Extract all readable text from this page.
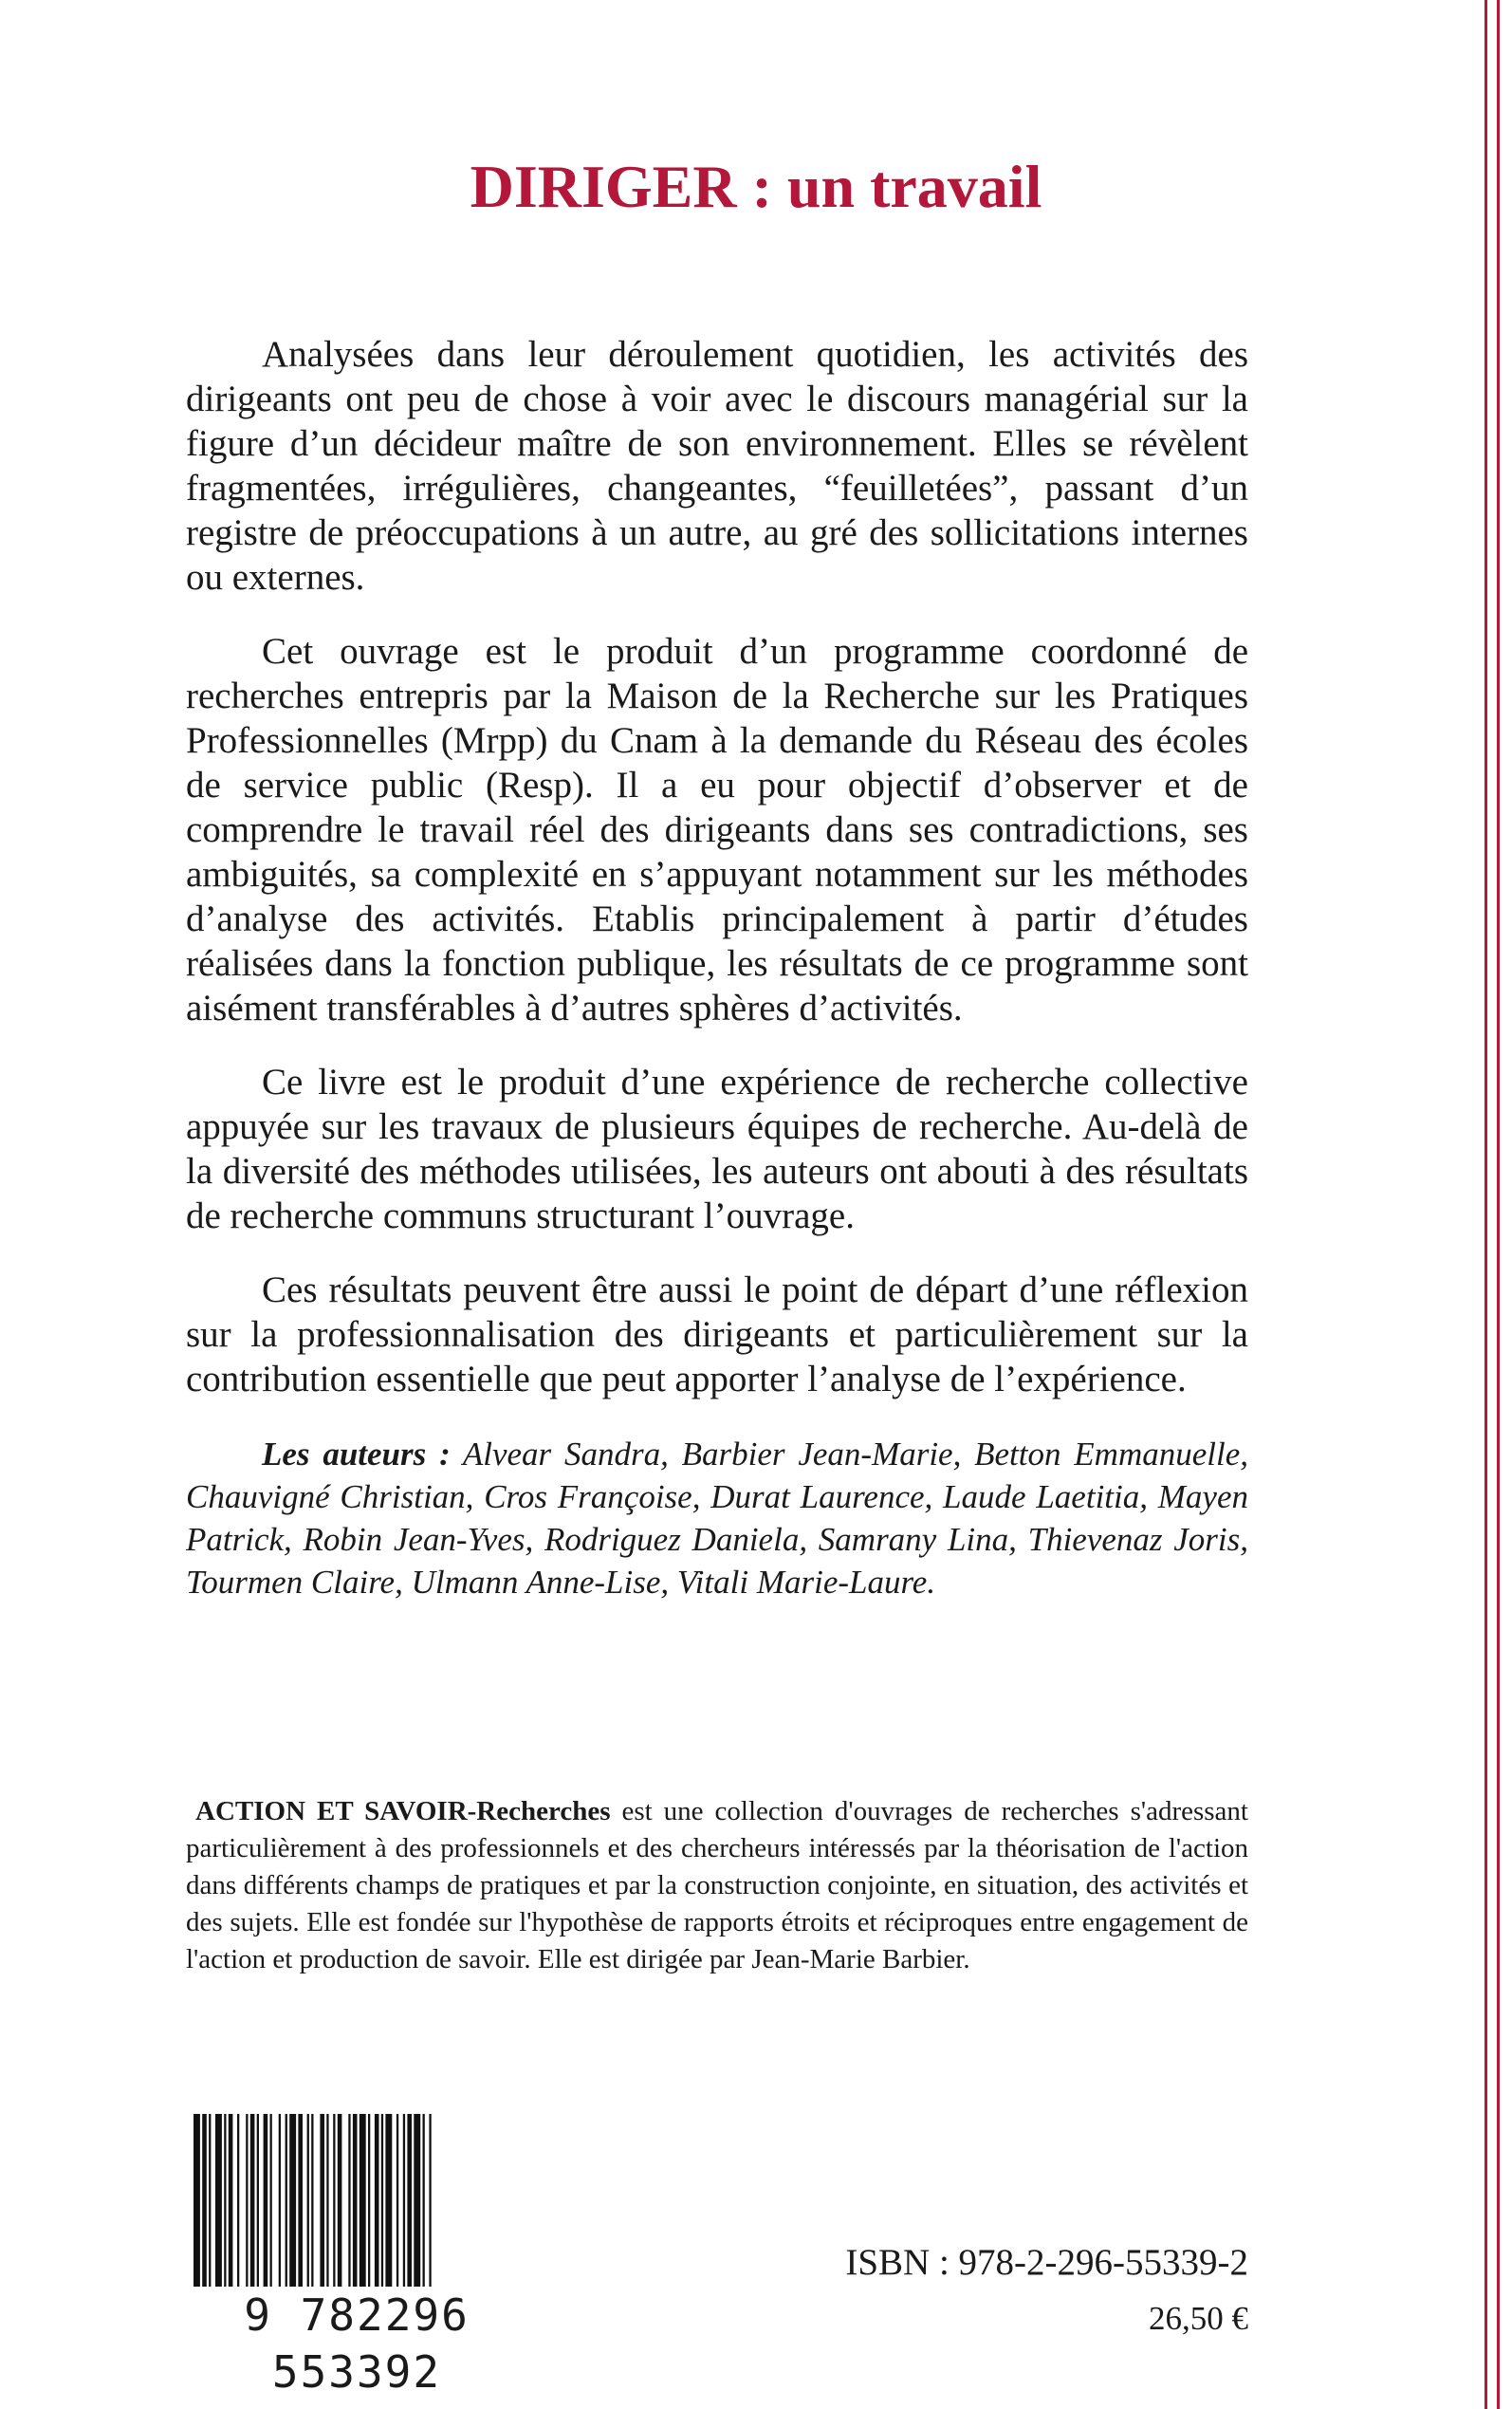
DIRIGER : un travail

Analysées dans leur déroulement quotidien, les activités des dirigeants ont peu de chose à voir avec le discours managérial sur la figure d’un décideur maître de son environnement. Elles se révèlent fragmentées, irrégulières, changeantes, “feuilletées”, passant d’un registre de préoccupations à un autre, au gré des sollicitations internes ou externes.

Cet ouvrage est le produit d’un programme coordonné de recherches entrepris par la Maison de la Recherche sur les Pratiques Professionnelles (Mrpp) du Cnam à la demande du Réseau des écoles de service public (Resp). Il a eu pour objectif d’observer et de comprendre le travail réel des dirigeants dans ses contradictions, ses ambiguités, sa complexité en s’appuyant notamment sur les méthodes d’analyse des activités. Etablis principalement à partir d’études réalisées dans la fonction publique, les résultats de ce programme sont aisément transférables à d’autres sphères d’activités.

Ce livre est le produit d’une expérience de recherche collective appuyée sur les travaux de plusieurs équipes de recherche. Au-delà de la diversité des méthodes utilisées, les auteurs ont abouti à des résultats de recherche communs structurant l’ouvrage.

Ces résultats peuvent être aussi le point de départ d’une réflexion sur la professionnalisation des dirigeants et particulièrement sur la contribution essentielle que peut apporter l’analyse de l’expérience.

Les auteurs : Alvear Sandra, Barbier Jean-Marie, Betton Emmanuelle, Chauvigné Christian, Cros Françoise, Durat Laurence, Laude Laetitia, Mayen Patrick, Robin Jean-Yves, Rodriguez Daniela, Samrany Lina, Thievenaz Joris, Tourmen Claire, Ulmann Anne-Lise, Vitali Marie-Laure.
ACTION ET SAVOIR-Recherches est une collection d'ouvrages de recherches s'adressant particulièrement à des professionnels et des chercheurs intéressés par la théorisation de l'action dans différents champs de pratiques et par la construction conjointe, en situation, des activités et des sujets. Elle est fondée sur l'hypothèse de rapports étroits et réciproques entre engagement de l'action et production de savoir. Elle est dirigée par Jean-Marie Barbier.
9 782296 553392
ISBN : 978-2-296-55339-2
26,50 €
